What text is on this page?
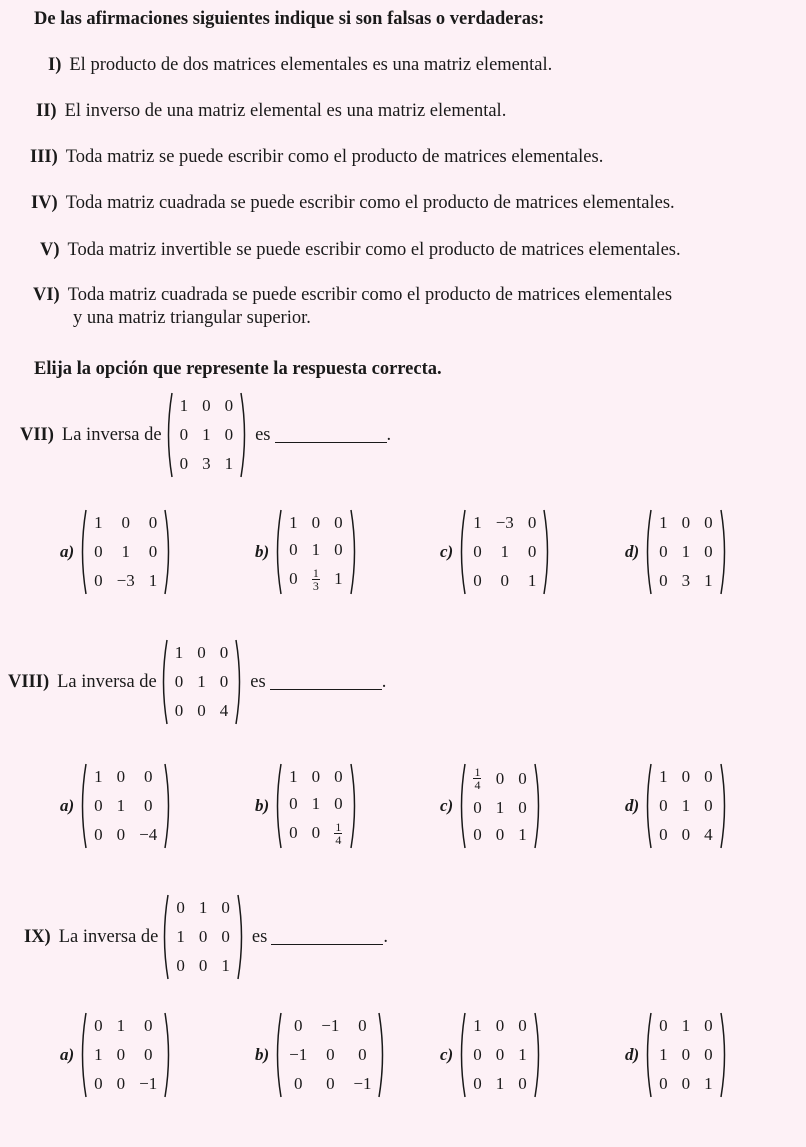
De las afirmaciones siguientes indique si son falsas o verdaderas:
I) El producto de dos matrices elementales es una matriz elemental.
II) El inverso de una matriz elemental es una matriz elemental.
III) Toda matriz se puede escribir como el producto de matrices elementales.
IV) Toda matriz cuadrada se puede escribir como el producto de matrices elementales.
V) Toda matriz invertible se puede escribir como el producto de matrices elementales.
VI) Toda matriz cuadrada se puede escribir como el producto de matrices elementales
y una matriz triangular superior.
Elija la opción que represente la respuesta correcta.
VII) La inversa de
1	0	0
0	1	0
0	3	1
es	.
a)
1	0	0
0	1	0
0	−3	1
b)
1	0	0
0	1	0
0	$\frac{1}{3}$	1
c)
1	−3	0
0	1	0
0	0	1
d)
1	0	0
0	1	0
0	3	1
VIII) La inversa de
1	0	0
0	1	0
0	0	4
es	.
a)
1	0	0
0	1	0
0	0	−4
b)
1	0	0
0	1	0
0	0	$\frac{1}{4}$
c)
$\frac{1}{4}$	0	0
0	1	0
0	0	1
d)
1	0	0
0	1	0
0	0	4
IX) La inversa de
0	1	0
1	0	0
0	0	1
es	.
a)
0	1	0
1	0	0
0	0	−1
b)
0	−1	0
−1	0	0
0	0	−1
c)
1	0	0
0	0	1
0	1	0
d)
0	1	0
1	0	0
0	0	1
